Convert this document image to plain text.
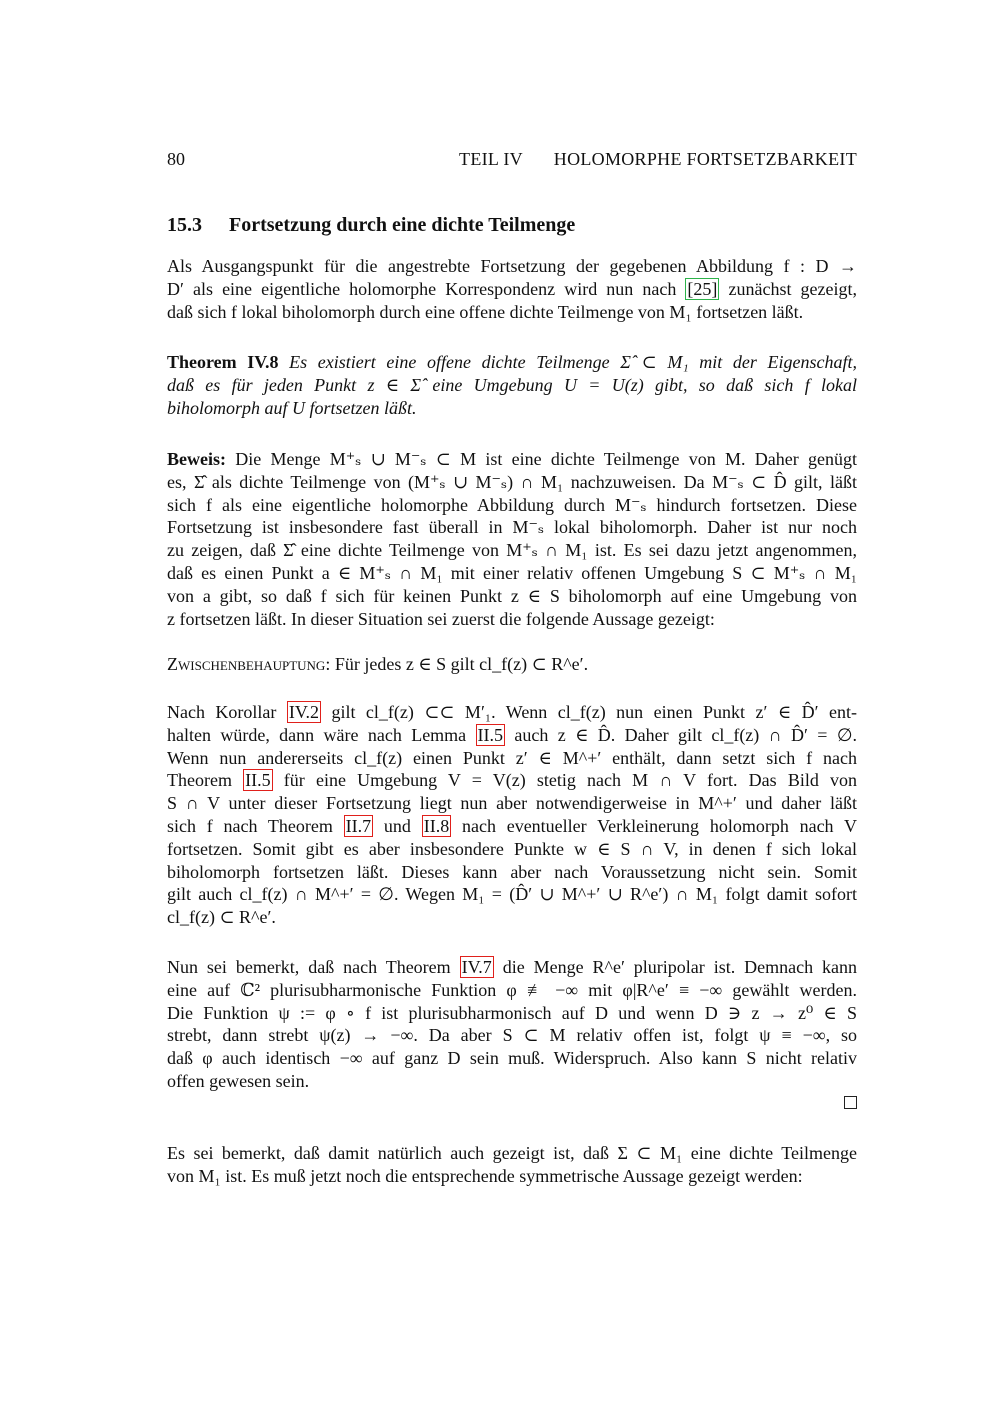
80	TEIL IV HOLOMORPHE FORTSETZBARKEIT
15.3 Fortsetzung durch eine dichte Teilmenge
Als Ausgangspunkt für die angestrebte Fortsetzung der gegebenen Abbildung f : D →
D′ als eine eigentliche holomorphe Korrespondenz wird nun nach [25] zunächst gezeigt,
daß sich f lokal biholomorph durch eine offene dichte Teilmenge von M₁ fortsetzen läßt.
Theorem IV.8 Es existiert eine offene dichte Teilmenge Σ̂ ⊂ M₁ mit der Eigenschaft,
daß es für jeden Punkt z ∈ Σ̂ eine Umgebung U = U(z) gibt, so daß sich f lokal
biholomorph auf U fortsetzen läßt.
Beweis: Die Menge M⁺ₛ ∪ M⁻ₛ ⊂ M ist eine dichte Teilmenge von M. Daher genügt
es, Σ̂ als dichte Teilmenge von (M⁺ₛ ∪ M⁻ₛ) ∩ M₁ nachzuweisen. Da M⁻ₛ ⊂ D̂ gilt, läßt
sich f als eine eigentliche holomorphe Abbildung durch M⁻ₛ hindurch fortsetzen. Diese
Fortsetzung ist insbesondere fast überall in M⁻ₛ lokal biholomorph. Daher ist nur noch
zu zeigen, daß Σ̂ eine dichte Teilmenge von M⁺ₛ ∩ M₁ ist. Es sei dazu jetzt angenommen,
daß es einen Punkt a ∈ M⁺ₛ ∩ M₁ mit einer relativ offenen Umgebung S ⊂ M⁺ₛ ∩ M₁
von a gibt, so daß f sich für keinen Punkt z ∈ S biholomorph auf eine Umgebung von
z fortsetzen läßt. In dieser Situation sei zuerst die folgende Aussage gezeigt:
Zwischenbehauptung: Für jedes z ∈ S gilt cl_f(z) ⊂ R^e′.
Nach Korollar IV.2 gilt cl_f(z) ⊂⊂ M′₁. Wenn cl_f(z) nun einen Punkt z′ ∈ D̂′ ent-
halten würde, dann wäre nach Lemma II.5 auch z ∈ D̂. Daher gilt cl_f(z) ∩ D̂′ = ∅.
Wenn nun andererseits cl_f(z) einen Punkt z′ ∈ M^+′ enthält, dann setzt sich f nach
Theorem II.5 für eine Umgebung V = V(z) stetig nach M ∩ V fort. Das Bild von
S ∩ V unter dieser Fortsetzung liegt nun aber notwendigerweise in M^+′ und daher läßt
sich f nach Theorem II.7 und II.8 nach eventueller Verkleinerung holomorph nach V
fortsetzen. Somit gibt es aber insbesondere Punkte w ∈ S ∩ V, in denen f sich lokal
biholomorph fortsetzen läßt. Dieses kann aber nach Voraussetzung nicht sein. Somit
gilt auch cl_f(z) ∩ M^+′ = ∅. Wegen M₁ = (D̂′ ∪ M^+′ ∪ R^e′) ∩ M₁ folgt damit sofort
cl_f(z) ⊂ R^e′.
Nun sei bemerkt, daß nach Theorem IV.7 die Menge R^e′ pluripolar ist. Demnach kann
eine auf ℂ² plurisubharmonische Funktion φ ≢ −∞ mit φ|R^e′ ≡ −∞ gewählt werden.
Die Funktion ψ := φ ∘ f ist plurisubharmonisch auf D und wenn D ∋ z → z⁰ ∈ S
strebt, dann strebt ψ(z) → −∞. Da aber S ⊂ M relativ offen ist, folgt ψ ≡ −∞, so
daß φ auch identisch −∞ auf ganz D sein muß. Widerspruch. Also kann S nicht relativ
offen gewesen sein.
Es sei bemerkt, daß damit natürlich auch gezeigt ist, daß Σ ⊂ M₁ eine dichte Teilmenge
von M₁ ist. Es muß jetzt noch die entsprechende symmetrische Aussage gezeigt werden:
